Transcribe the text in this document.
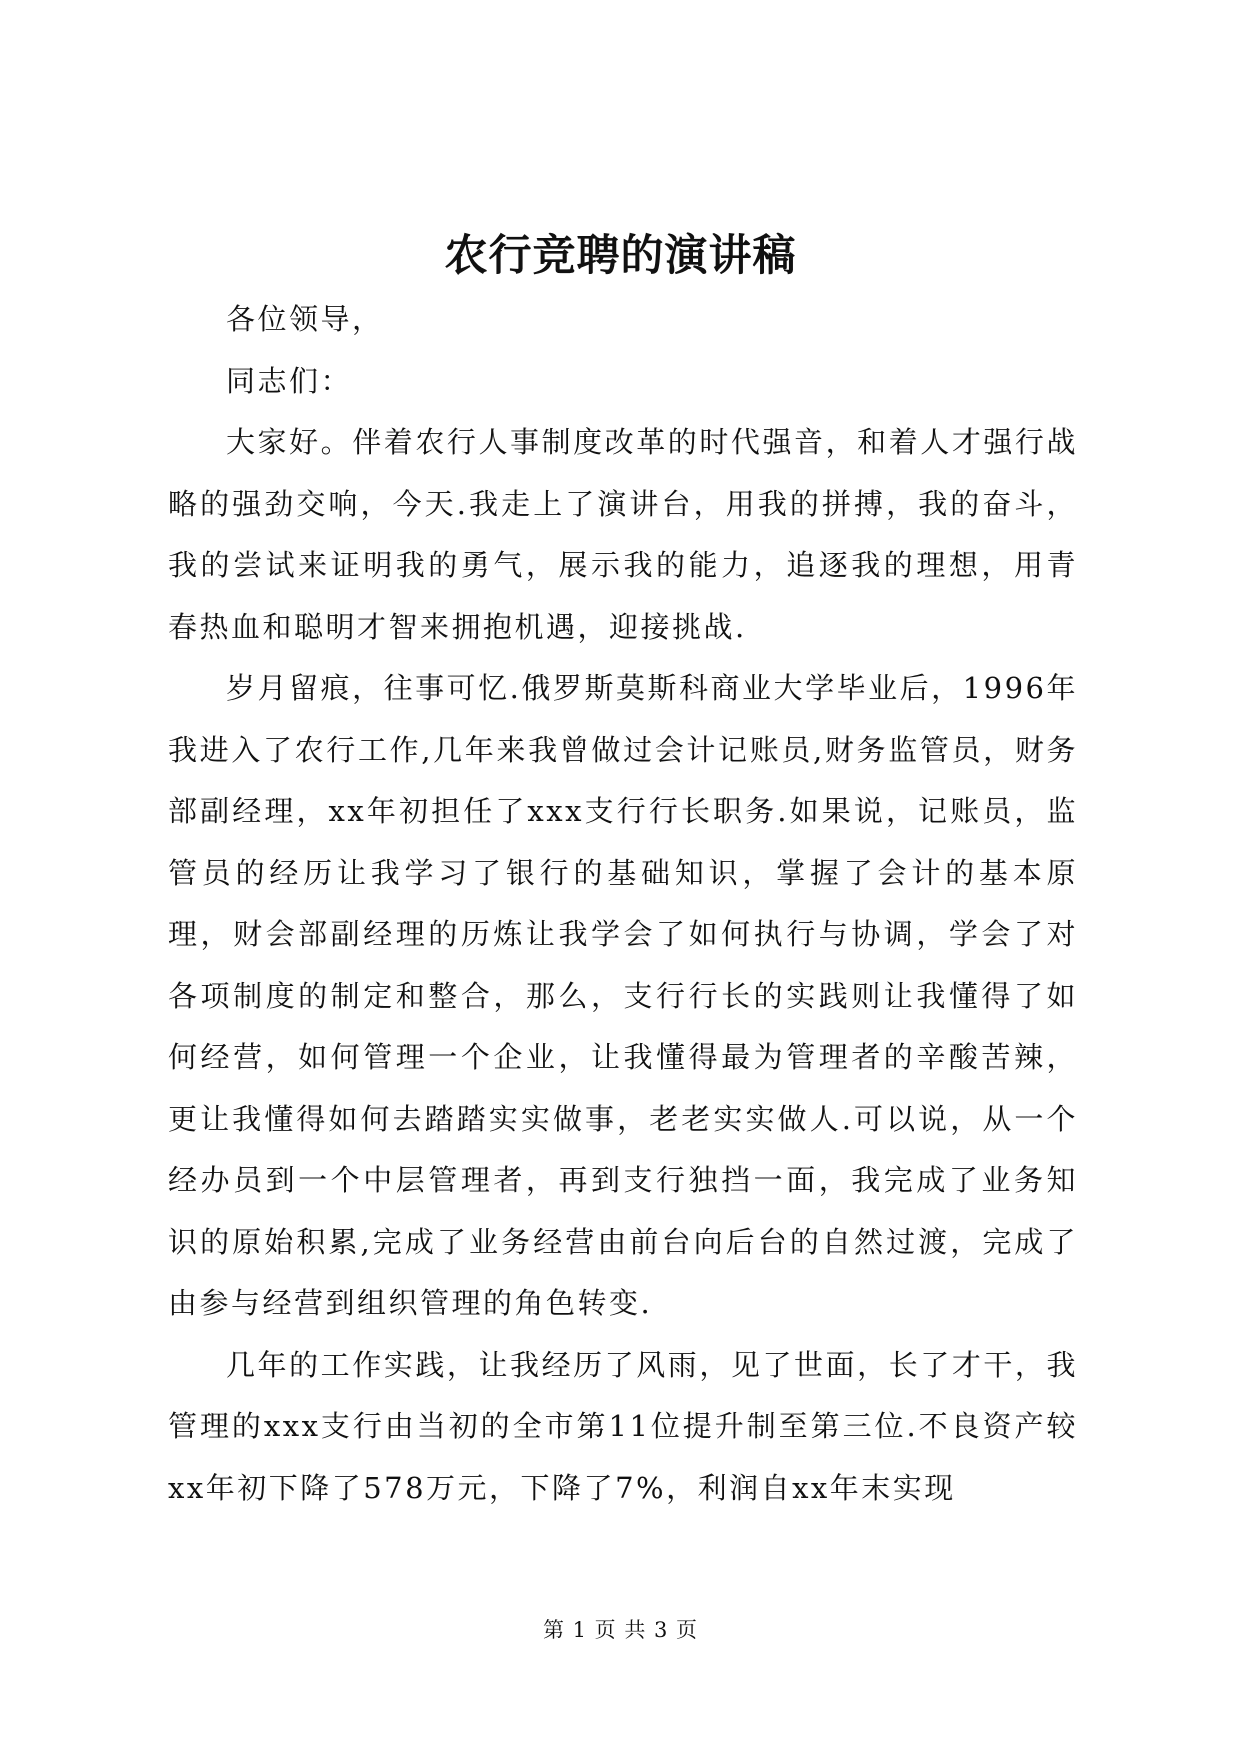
农行竞聘的演讲稿

各位领导，

同志们：

大家好。伴着农行人事制度改革的时代强音，和着人才强行战略的强劲交响，今天.我走上了演讲台，用我的拼搏，我的奋斗，我的尝试来证明我的勇气，展示我的能力，追逐我的理想，用青春热血和聪明才智来拥抱机遇，迎接挑战.

岁月留痕，往事可忆.俄罗斯莫斯科商业大学毕业后，1996年我进入了农行工作,几年来我曾做过会计记账员,财务监管员，财务部副经理，xx年初担任了xxx支行行长职务.如果说，记账员，监管员的经历让我学习了银行的基础知识，掌握了会计的基本原理，财会部副经理的历炼让我学会了如何执行与协调，学会了对各项制度的制定和整合，那么，支行行长的实践则让我懂得了如何经营，如何管理一个企业，让我懂得最为管理者的辛酸苦辣，更让我懂得如何去踏踏实实做事，老老实实做人.可以说，从一个经办员到一个中层管理者，再到支行独挡一面，我完成了业务知识的原始积累,完成了业务经营由前台向后台的自然过渡，完成了由参与经营到组织管理的角色转变.

几年的工作实践，让我经历了风雨，见了世面，长了才干，我管理的xxx支行由当初的全市第11位提升制至第三位.不良资产较xx年初下降了578万元，下降了7%，利润自xx年末实现

第 1 页 共 3 页
